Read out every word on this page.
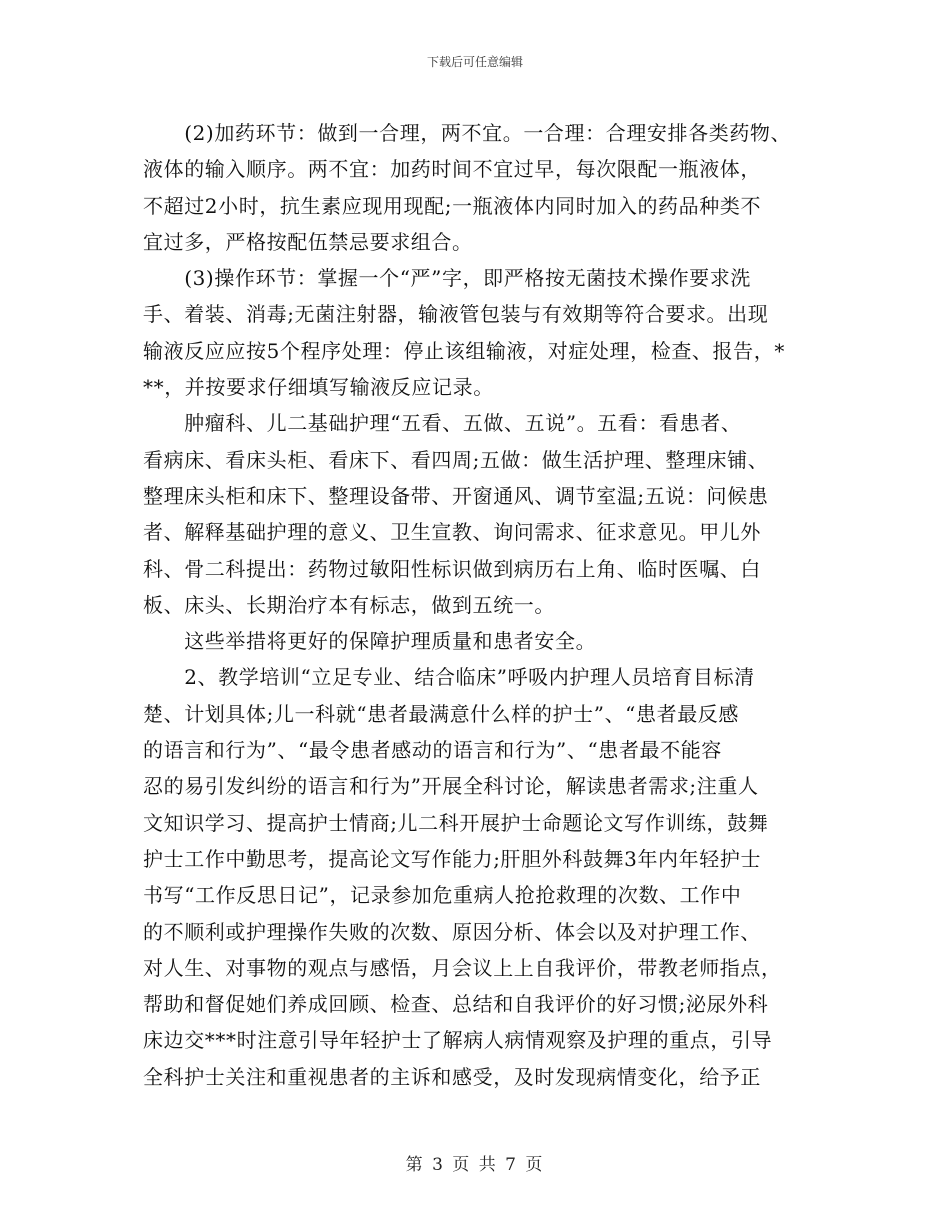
下载后可任意编辑
　　(2)加药环节：做到一合理，两不宜。一合理：合理安排各类药物、
液体的输入顺序。两不宜：加药时间不宜过早，每次限配一瓶液体，
不超过2小时，抗生素应现用现配;一瓶液体内同时加入的药品种类不
宜过多，严格按配伍禁忌要求组合。
　　(3)操作环节：掌握一个“严”字，即严格按无菌技术操作要求洗
手、着装、消毒;无菌注射器，输液管包装与有效期等符合要求。出现
输液反应应按5个程序处理：停止该组输液，对症处理，检查、报告，*
**，并按要求仔细填写输液反应记录。
　　肿瘤科、儿二基础护理“五看、五做、五说”。五看：看患者、
看病床、看床头柜、看床下、看四周;五做：做生活护理、整理床铺、
整理床头柜和床下、整理设备带、开窗通风、调节室温;五说：问候患
者、解释基础护理的意义、卫生宣教、询问需求、征求意见。甲儿外
科、骨二科提出：药物过敏阳性标识做到病历右上角、临时医嘱、白
板、床头、长期治疗本有标志，做到五统一。
　　这些举措将更好的保障护理质量和患者安全。
　　2、教学培训“立足专业、结合临床”呼吸内护理人员培育目标清
楚、计划具体;儿一科就“患者最满意什么样的护士”、“患者最反感
的语言和行为”、“最令患者感动的语言和行为”、“患者最不能容
忍的易引发纠纷的语言和行为”开展全科讨论，解读患者需求;注重人
文知识学习、提高护士情商;儿二科开展护士命题论文写作训练，鼓舞
护士工作中勤思考，提高论文写作能力;肝胆外科鼓舞3年内年轻护士
书写“工作反思日记”，记录参加危重病人抢抢救理的次数、工作中
的不顺利或护理操作失败的次数、原因分析、体会以及对护理工作、
对人生、对事物的观点与感悟，月会议上上自我评价，带教老师指点，
帮助和督促她们养成回顾、检查、总结和自我评价的好习惯;泌尿外科
床边交***时注意引导年轻护士了解病人病情观察及护理的重点，引导
全科护士关注和重视患者的主诉和感受，及时发现病情变化，给予正
第 3 页 共 7 页
